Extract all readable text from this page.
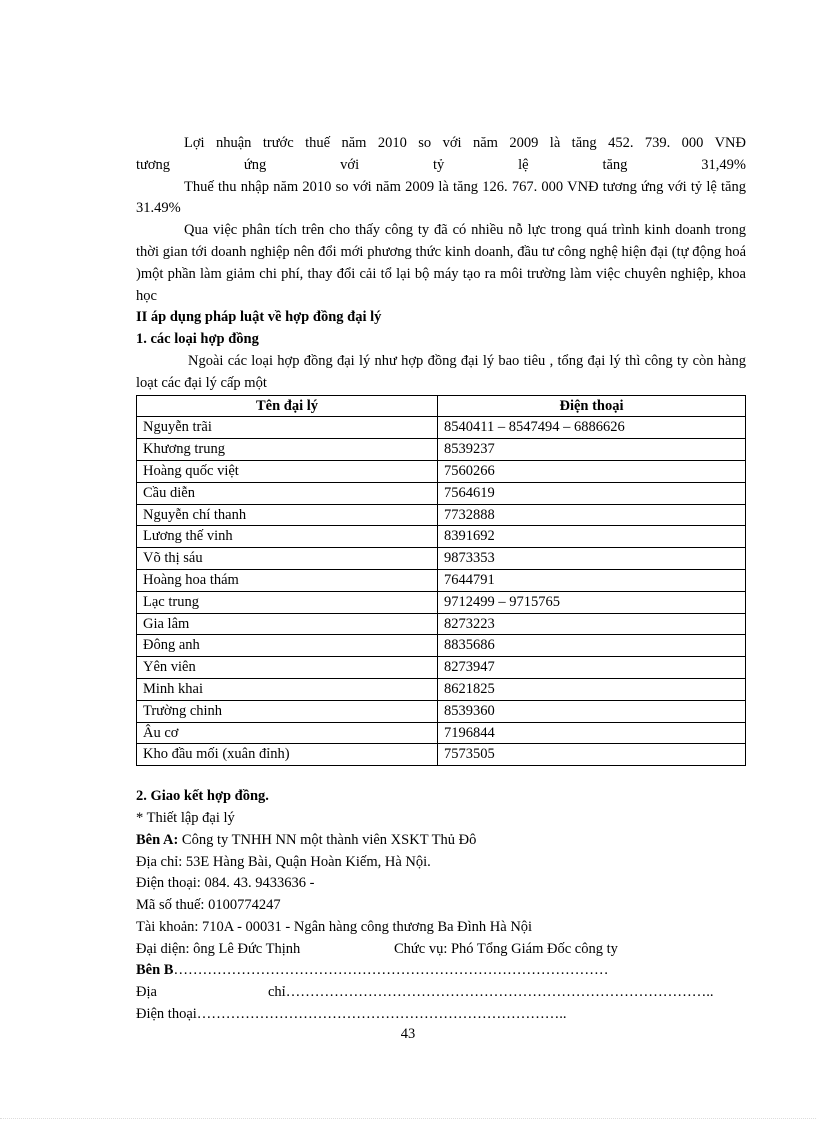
Lợi nhuận trước thuế năm 2010 so với năm 2009 là tăng 452. 739. 000 VNĐ

tương ứng với tỷ lệ tăng 31,49%

Thuế thu nhập năm 2010 so với năm 2009 là tăng 126. 767. 000 VNĐ tương ứng với tỷ lệ tăng 31.49%

Qua việc phân tích trên cho thấy công ty đã có nhiều nỗ lực trong quá trình kinh doanh trong thời gian tới doanh nghiệp nên đổi mới phương thức kinh doanh, đầu tư công nghệ hiện đại (tự động hoá )một phần làm giảm chi phí, thay đổi cải tổ lại bộ máy tạo ra môi trường làm việc chuyên nghiệp, khoa học

II áp dụng pháp luật về hợp đồng đại lý

1. các loại hợp đồng

Ngoài các loại hợp đồng đại lý như hợp đồng đại lý bao tiêu , tổng đại lý thì công ty còn hàng loạt các đại lý cấp một

Tên đại lý	Điện thoại
Nguyễn trãi	8540411 – 8547494 – 6886626
Khương trung	8539237
Hoàng quốc việt	7560266
Cầu diễn	7564619
Nguyễn chí thanh	7732888
Lương thế vinh	8391692
Võ thị sáu	9873353
Hoàng hoa thám	7644791
Lạc trung	9712499 – 9715765
Gia lâm	8273223
Đông anh	8835686
Yên viên	8273947
Minh khai	8621825
Trường chinh	8539360
Âu cơ	7196844
Kho đầu mối (xuân đỉnh)	7573505

2. Giao kết hợp đồng.

* Thiết lập đại lý

Bên A: Công ty TNHH NN một thành viên XSKT Thủ Đô

Địa chỉ: 53E Hàng Bài, Quận Hoàn Kiếm, Hà Nội.

Điện thoại: 084. 43. 9433636 -

Mã số thuế: 0100774247

Tài khoản: 710A - 00031 - Ngân hàng công thương Ba Đình Hà Nội

Đại diện: ông Lê Đức Thịnh	Chức vụ: Phó Tổng Giám Đốc công ty

Bên B………………………………………………………………………………

Địa	chỉ……………………………………………………………………………..

Điện thoại…………………………………………………………………..

43
